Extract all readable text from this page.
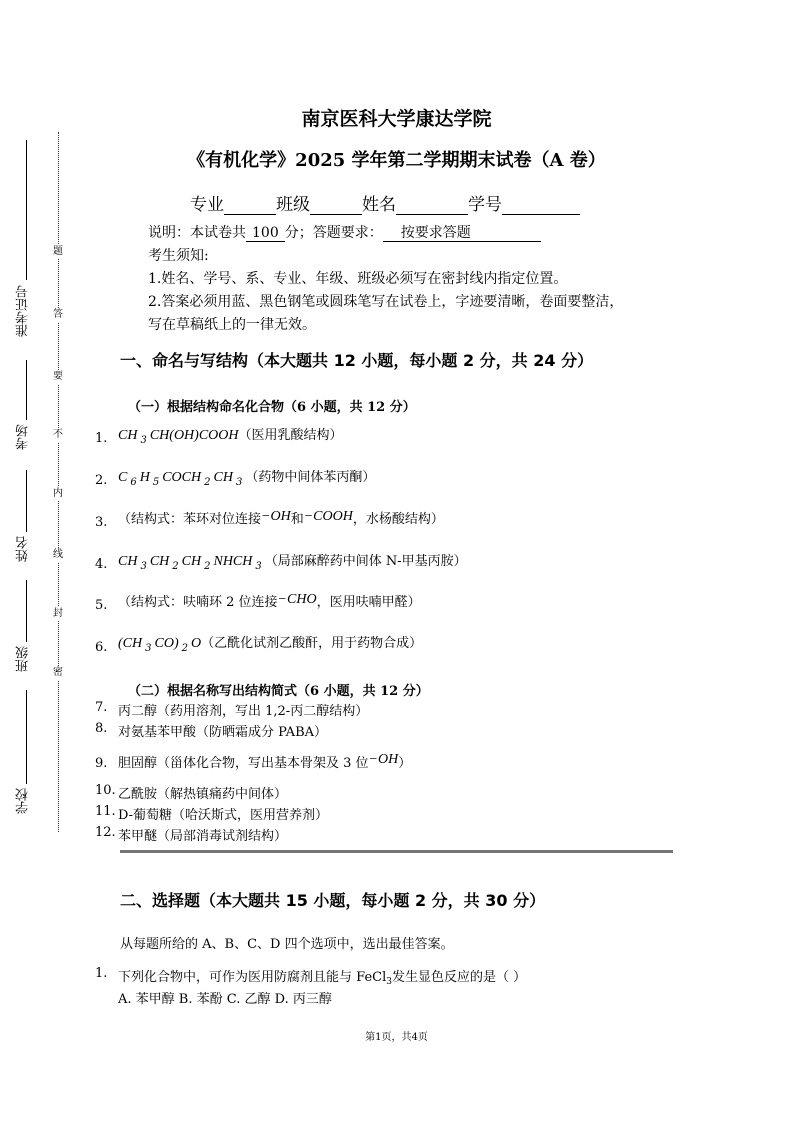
题
答
要
不
内
线
封
密
准考证号
考场
姓名
班级
学校
南京医科大学康达学院
《有机化学》2025 学年第二学期期末试卷（A 卷）
专业	班级	姓名	学号
说明：本试卷共 100 分；答题要求： 按要求答题
考生须知:
1.姓名、学号、系、专业、年级、班级必须写在密封线内指定位置。
2.答案必须用蓝、黑色钢笔或圆珠笔写在试卷上，字迹要清晰，卷面要整洁，
写在草稿纸上的一律无效。
一、命名与写结构（本大题共 12 小题，每小题 2 分，共 24 分）
（一）根据结构命名化合物（6 小题，共 12 分）
1. CH $_3$ CH(OH)COOH（医用乳酸结构）
2. C $_6$ H $_5$ COCH $_2$ CH $_3$ （药物中间体苯丙酮）
3. （结构式：苯环对位连接−OH和−COOH，水杨酸结构）
4. CH $_3$ CH $_2$ CH $_2$ NHCH $_3$ （局部麻醉药中间体 N-甲基丙胺）
5. （结构式：呋喃环 2 位连接−CHO，医用呋喃甲醛）
6. (CH $_3$ CO) $_2$ O（乙酰化试剂乙酸酐，用于药物合成）
（二）根据名称写出结构简式（6 小题，共 12 分）
7. 丙二醇（药用溶剂，写出 1,2-丙二醇结构）
8. 对氨基苯甲酸（防晒霜成分 PABA）
9. 胆固醇（甾体化合物，写出基本骨架及 3 位−OH）
10. 乙酰胺（解热镇痛药中间体）
11. D-葡萄糖（哈沃斯式，医用营养剂）
12. 苯甲醚（局部消毒试剂结构）
二、选择题（本大题共 15 小题，每小题 2 分，共 30 分）
从每题所给的 A、B、C、D 四个选项中，选出最佳答案。
1. 下列化合物中，可作为医用防腐剂且能与 FeCl$_3$发生显色反应的是（ ）
A. 苯甲醇 B. 苯酚 C. 乙醇 D. 丙三醇
第1页，共4页
